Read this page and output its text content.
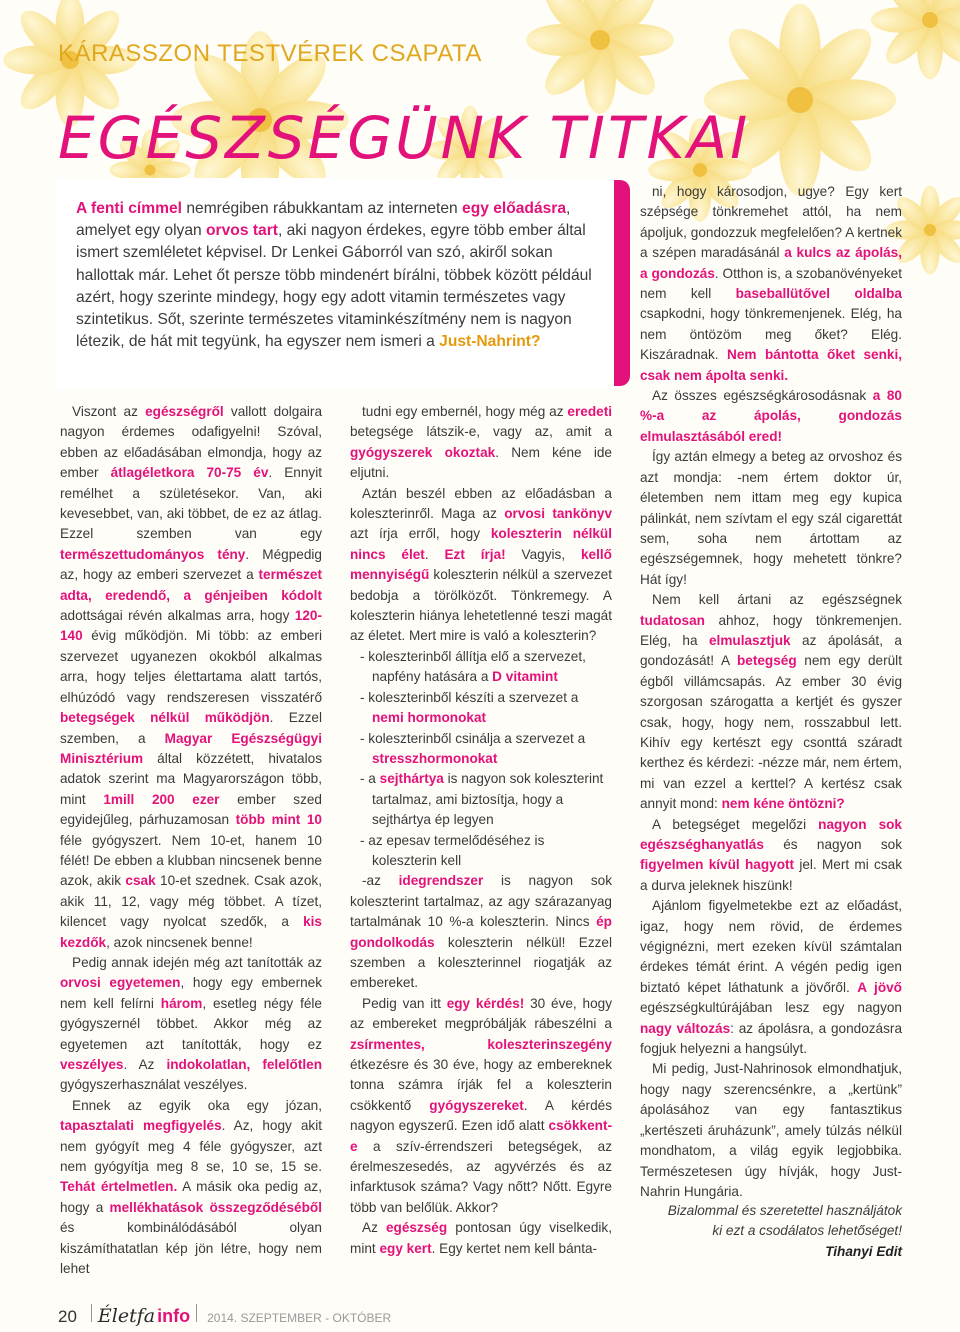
KÁRASSZON TESTVÉREK CSAPATA
EGÉSZSÉGÜNK TITKAI
A fenti címmel nemrégiben rábukkantam az interneten egy előadásra, amelyet egy olyan orvos tart, aki nagyon érdekes, egyre több ember által ismert szemléletet képvisel. Dr Lenkei Gáborról van szó, akiről sokan hallottak már. Lehet őt persze több mindenért bírálni, többek között például azért, hogy szerinte mindegy, hogy egy adott vitamin természetes vagy szintetikus. Sőt, szerinte természetes vitaminkészítmény nem is nagyon létezik, de hát mit tegyünk, ha egyszer nem ismeri a Just-Nahrint?

Viszont az egészségről vallott dolgaira nagyon érdemes odafigyelni! Szóval, ebben az előadásában elmondja, hogy az ember átlagéletkora 70-75 év. Ennyit remélhet a születésekor. Van, aki kevesebbet, van, aki többet, de ez az átlag. Ezzel szemben van egy természettudományos tény. Mégpedig az, hogy az emberi szervezet a természet adta, eredendő, a génjeiben kódolt adottságai révén alkalmas arra, hogy 120-140 évig működjön. Mi több: az emberi szervezet ugyanezen okokból alkalmas arra, hogy teljes élettartama alatt tartós, elhúzódó vagy rendszeresen visszatérő betegségek nélkül működjön. Ezzel szemben, a Magyar Egészségügyi Minisztérium által közzétett, hivatalos adatok szerint ma Magyarországon több, mint 1mill 200 ezer ember szed egyidejűleg, párhuzamosan több mint 10 féle gyógyszert. Nem 10-et, hanem 10 félét! De ebben a klubban nincsenek benne azok, akik csak 10-et szednek. Csak azok, akik 11, 12, vagy még többet. A tízet, kilencet vagy nyolcat szedők, a kis kezdők, azok nincsenek benne!

Pedig annak idején még azt tanították az orvosi egyetemen, hogy egy embernek nem kell felírni három, esetleg négy féle gyógyszernél többet. Akkor még az egyetemen azt tanították, hogy ez veszélyes. Az indokolatlan, felelőtlen gyógyszerhasználat veszélyes.

Ennek az egyik oka egy józan, tapasztalati megfigyelés. Az, hogy akit nem gyógyít meg 4 féle gyógyszer, azt nem gyógyítja meg 8 se, 10 se, 15 se. Tehát értelmetlen. A másik oka pedig az, hogy a mellékhatások összegződéséből és kombinálódásából olyan kiszámíthatatlan kép jön létre, hogy nem lehet

tudni egy embernél, hogy még az eredeti betegsége látszik-e, vagy az, amit a gyógyszerek okoztak. Nem kéne ide eljutni.

Aztán beszél ebben az előadásban a koleszterinről. Maga az orvosi tankönyv azt írja erről, hogy koleszterin nélkül nincs élet. Ezt írja! Vagyis, kellő mennyiségű koleszterin nélkül a szervezet bedobja a törölközőt. Tönkremegy. A koleszterin hiánya lehetetlenné teszi magát az életet. Mert mire is való a koleszterin?

- koleszterinből állítja elő a szervezet, napfény hatására a D vitamint
- koleszterinből készíti a szervezet a nemi hormonokat
- koleszterinből csinálja a szervezet a stresszhormonokat
- a sejthártya is nagyon sok koleszterint tartalmaz, ami biztosítja, hogy a sejthártya ép legyen
- az epesav termelődéséhez is koleszterin kell

-az idegrendszer is nagyon sok koleszterint tartalmaz, az agy szárazanyag tartalmának 10 %-a koleszterin. Nincs ép gondolkodás koleszterin nélkül! Ezzel szemben a koleszterinnel riogatják az embereket.

Pedig van itt egy kérdés! 30 éve, hogy az embereket megpróbálják rábeszélni a zsírmentes, koleszterinszegény étkezésre és 30 éve, hogy az embereknek tonna számra írják fel a koleszterin csökkentő gyógyszereket. A kérdés nagyon egyszerű. Ezen idő alatt csökkent-e a szív-érrendszeri betegségek, az érelmeszesedés, az agyvérzés és az infarktusok száma? Vagy nőtt? Nőtt. Egyre több van belőlük. Akkor?

Az egészség pontosan úgy viselkedik, mint egy kert. Egy kertet nem kell bánta-

ni, hogy károsodjon, ugye? Egy kert szépsége tönkremehet attól, ha nem ápoljuk, gondozzuk megfelelően? A kertnek a szépen maradásánál a kulcs az ápolás, a gondozás. Otthon is, a szobanövényeket nem kell baseballütővel oldalba csapkodni, hogy tönkremenjenek. Elég, ha nem öntözöm meg őket? Elég. Kiszáradnak. Nem bántotta őket senki, csak nem ápolta senki.

Az összes egészségkárosodásnak a 80 %-a az ápolás, gondozás elmulasztásából ered!

Így aztán elmegy a beteg az orvoshoz és azt mondja: -nem értem doktor úr, életemben nem ittam meg egy kupica pálinkát, nem szívtam el egy szál cigarettát sem, soha nem ártottam az egészségemnek, hogy mehetett tönkre? Hát így!

Nem kell ártani az egészségnek tudatosan ahhoz, hogy tönkremenjen. Elég, ha elmulasztjuk az ápolását, a gondozását! A betegség nem egy derült égből villámcsapás. Az ember 30 évig szorgosan szárogatta a kertjét és gyszer csak, hogy, hogy nem, rosszabbul lett. Kihív egy kertészt egy csonttá száradt kerthez és kérdezi: -nézze már, nem értem, mi van ezzel a kerttel? A kertész csak annyit mond: nem kéne öntözni?

A betegséget megelőzi nagyon sok egészséghanyatlás és nagyon sok figyelmen kívül hagyott jel. Mert mi csak a durva jeleknek hiszünk!

Ajánlom figyelmetekbe ezt az előadást, igaz, hogy nem rövid, de érdemes végignézni, mert ezeken kívül számtalan érdekes témát érint. A végén pedig igen biztató képet láthatunk a jövőről. A jövő egészségkultúrájában lesz egy nagyon nagy változás: az ápolásra, a gondozásra fogjuk helyezni a hangsúlyt.

Mi pedig, Just-Nahrinosok elmondhatjuk, hogy nagy szerencsénkre, a „kertünk” ápolásához van egy fantasztikus „kertészeti áruházunk”, amely túlzás nélkül mondhatom, a világ egyik legjobbika. Természetesen úgy hívják, hogy Just-Nahrin Hungária.

Bizalommal és szeretettel használjátok
ki ezt a csodálatos lehetőséget!
Tihanyi Edit
20 Életfa info 2014. SZEPTEMBER - OKTÓBER
